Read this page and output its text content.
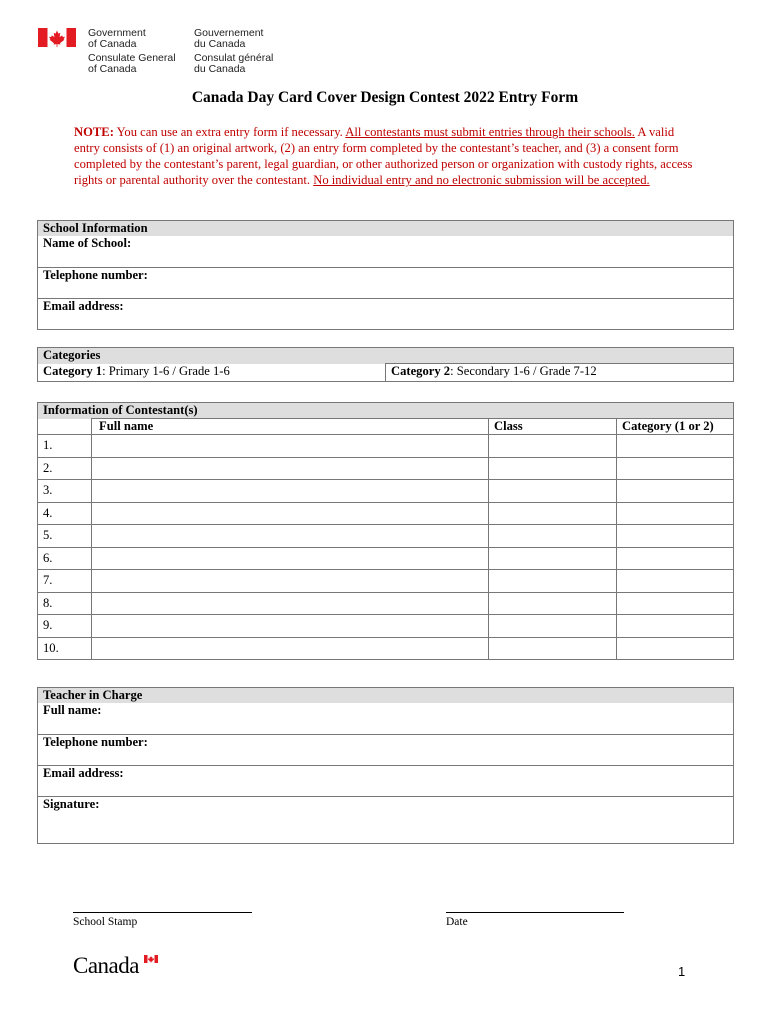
Government
of Canada
Gouvernement
du Canada
Consulate General
of Canada
Consulat général
du Canada
Canada Day Card Cover Design Contest 2022 Entry Form
NOTE: You can use an extra entry form if necessary. All contestants must submit entries through their schools. A valid entry consists of (1) an original artwork, (2) an entry form completed by the contestant’s teacher, and (3) a consent form completed by the contestant’s parent, legal guardian, or other authorized person or organization with custody rights, access rights or parental authority over the contestant. No individual entry and no electronic submission will be accepted.
School Information
Name of School:
Telephone number:
Email address:
Categories
Category 1: Primary 1-6 / Grade 1-6	Category 2: Secondary 1-6 / Grade 7-12
Information of Contestant(s)			
	Full name	Class	Category (1 or 2)
1.			
2.			
3.			
4.			
5.			
6.			
7.			
8.			
9.			
10.			
Teacher in Charge
Full name:
Telephone number:
Email address:
Signature:
School Stamp	Date
Canada	1
